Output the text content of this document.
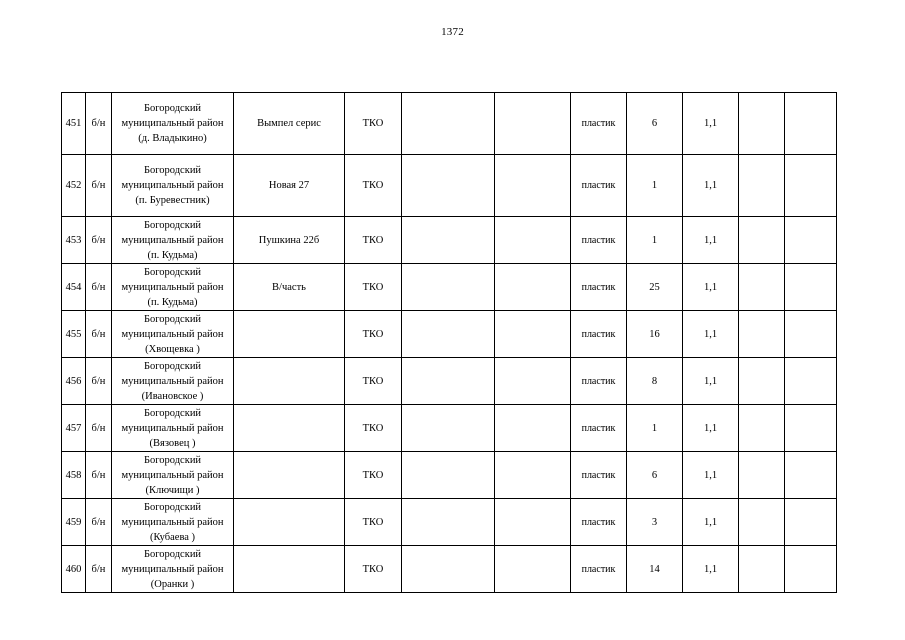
1372
451	б/н	Богородский
муниципальный район
(д. Владыкино)	Вымпел серис	ТКО			пластик	6	1,1		
452	б/н	Богородский
муниципальный район
(п. Буревестник)	Новая 27	ТКО			пластик	1	1,1		
453	б/н	Богородский
муниципальный район
(п. Кудьма)	Пушкина 22б	ТКО			пластик	1	1,1		
454	б/н	Богородский
муниципальный район
(п. Кудьма)	В/часть	ТКО			пластик	25	1,1		
455	б/н	Богородский
муниципальный район
(Хвощевка )		ТКО			пластик	16	1,1		
456	б/н	Богородский
муниципальный район
(Ивановское )		ТКО			пластик	8	1,1		
457	б/н	Богородский
муниципальный район
(Вязовец )		ТКО			пластик	1	1,1		
458	б/н	Богородский
муниципальный район
(Ключищи )		ТКО			пластик	6	1,1		
459	б/н	Богородский
муниципальный район
(Кубаева )		ТКО			пластик	3	1,1		
460	б/н	Богородский
муниципальный район
(Оранки )		ТКО			пластик	14	1,1		
